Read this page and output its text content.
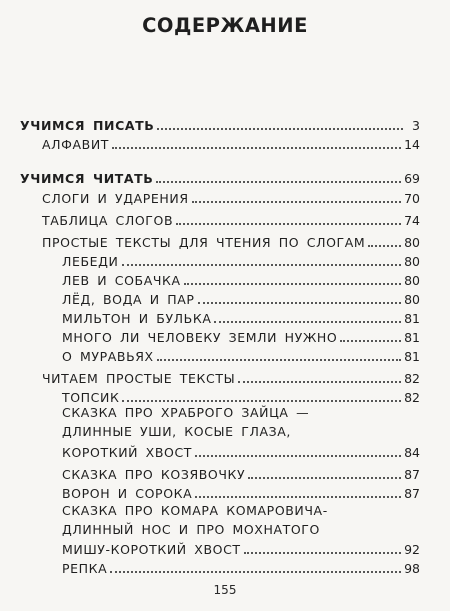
СОДЕРЖАНИЕ
УЧИМСЯ ПИСАТЬ	3
АЛФАВИТ	14
УЧИМСЯ ЧИТАТЬ	69
СЛОГИ И УДАРЕНИЯ	70
ТАБЛИЦА СЛОГОВ	74
ПРОСТЫЕ ТЕКСТЫ ДЛЯ ЧТЕНИЯ ПО СЛОГАМ	80
ЛЕБЕДИ	80
ЛЕВ И СОБАЧКА	80
ЛЁД, ВОДА И ПАР	80
МИЛЬТОН И БУЛЬКА	81
МНОГО ЛИ ЧЕЛОВЕКУ ЗЕМЛИ НУЖНО	81
О МУРАВЬЯХ	81
ЧИТАЕМ ПРОСТЫЕ ТЕКСТЫ	82
ТОПСИК	82
СКАЗКА ПРО ХРАБРОГО ЗАЙЦА —
ДЛИННЫЕ УШИ, КОСЫЕ ГЛАЗА,
КОРОТКИЙ ХВОСТ	84
СКАЗКА ПРО КОЗЯВОЧКУ	87
ВОРОН И СОРОКА	87
СКАЗКА ПРО КОМАРА КОМАРОВИЧА-
ДЛИННЫЙ НОС И ПРО МОХНАТОГО
МИШУ-КОРОТКИЙ ХВОСТ	92
РЕПКА	98
155
